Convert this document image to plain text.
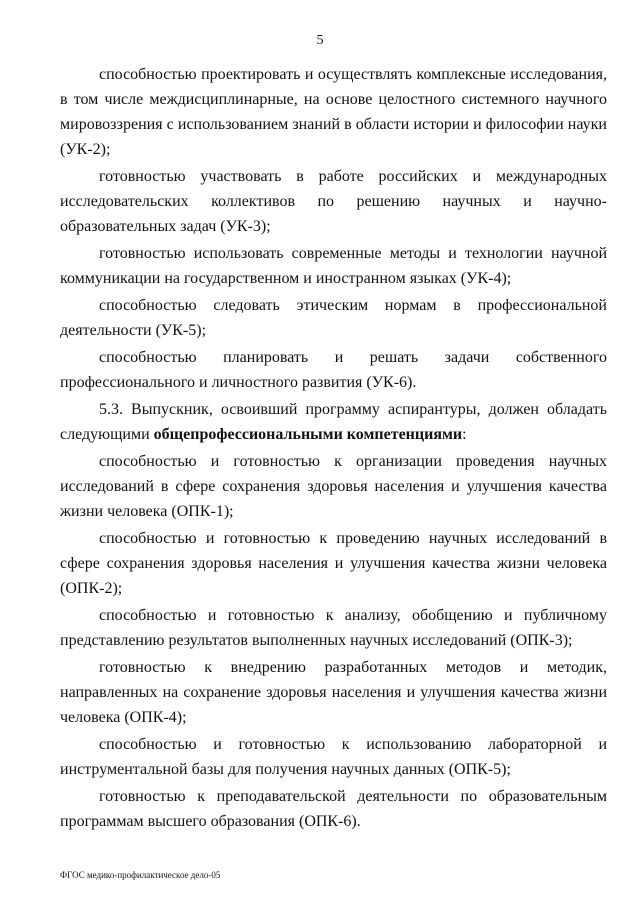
5

способностью проектировать и осуществлять комплексные исследования, в том числе междисциплинарные, на основе целостного системного научного мировоззрения с использованием знаний в области истории и философии науки (УК-2);

готовностью участвовать в работе российских и международных исследовательских коллективов по решению научных и научно-образовательных задач (УК-3);

готовностью использовать современные методы и технологии научной коммуникации на государственном и иностранном языках (УК-4);

способностью следовать этическим нормам в профессиональной деятельности (УК-5);

способностью планировать и решать задачи собственного профессионального и личностного развития (УК-6).

5.3. Выпускник, освоивший программу аспирантуры, должен обладать следующими общепрофессиональными компетенциями:

способностью и готовностью к организации проведения научных исследований в сфере сохранения здоровья населения и улучшения качества жизни человека (ОПК-1);

способностью и готовностью к проведению научных исследований в сфере сохранения здоровья населения и улучшения качества жизни человека (ОПК-2);

способностью и готовностью к анализу, обобщению и публичному представлению результатов выполненных научных исследований (ОПК-3);

готовностью к внедрению разработанных методов и методик, направленных на сохранение здоровья населения и улучшения качества жизни человека (ОПК-4);

способностью и готовностью к использованию лабораторной и инструментальной базы для получения научных данных (ОПК-5);

готовностью к преподавательской деятельности по образовательным программам высшего образования (ОПК-6).

ФГОС медико-профилактическое дело-05
